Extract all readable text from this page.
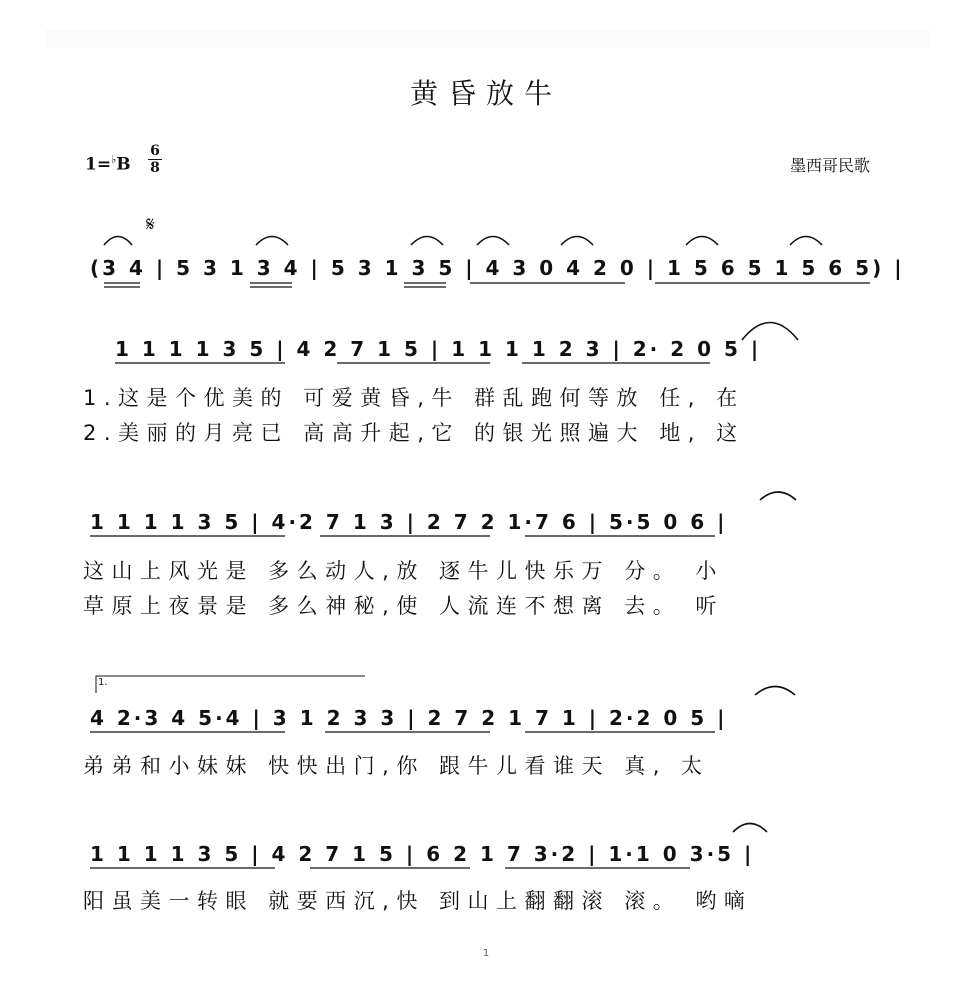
黄昏放牛
1=♭B
6
8	墨西哥民歌
𝄋
(3 4 | 5 3 1 3 4 | 5 3 1 3 5 | 4 3 0 4 2 0 | 1 5 6 5 1 5 6 5) |
1 1 1 1 3 5 | 4 2 7 1 5 | 1 1 1 1 2 3 | 2· 2 0 5 |
1.这是个优美的 可爱黄昏,牛 群乱跑何等放 任, 在
2.美丽的月亮已 高高升起,它 的银光照遍大 地, 这
1 1 1 1 3 5 | 4·2 7 1 3 | 2 7 2 1·7 6 | 5·5 0 6 |
这山上风光是 多么动人,放 逐牛儿快乐万 分。 小
草原上夜景是 多么神秘,使 人流连不想离 去。 听
1.
4 2·3 4 5·4 | 3 1 2 3 3 | 2 7 2 1 7 1 | 2·2 0 5 |
弟弟和小妹妹 快快出门,你 跟牛儿看谁天 真, 太
1 1 1 1 3 5 | 4 2 7 1 5 | 6 2 1 7 3·2 | 1·1 0 3·5 |
阳虽美一转眼 就要西沉,快 到山上翻翻滚 滚。 哟嘀
1
